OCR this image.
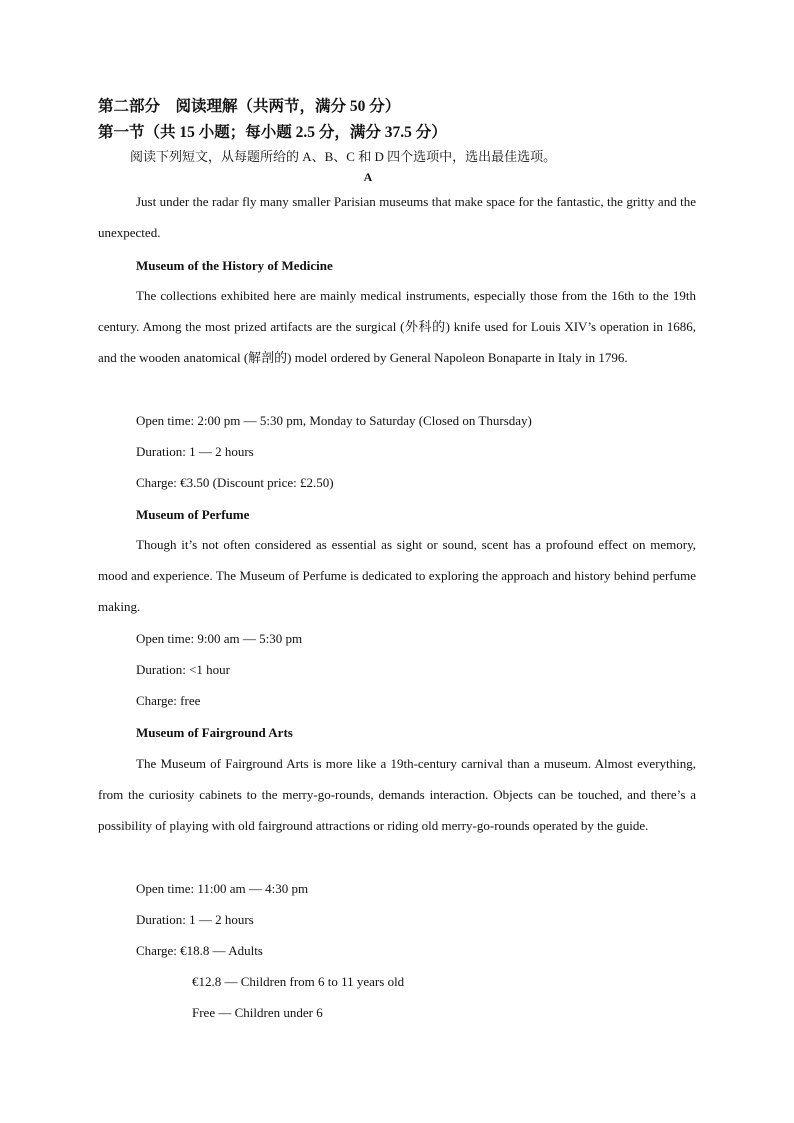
第二部分　阅读理解（共两节，满分 50 分）
第一节（共 15 小题；每小题 2.5 分，满分 37.5 分）
阅读下列短文，从每题所给的 A、B、C 和 D 四个选项中，选出最佳选项。
A

Just under the radar fly many smaller Parisian museums that make space for the fantastic, the gritty and the unexpected.

Museum of the History of Medicine

The collections exhibited here are mainly medical instruments, especially those from the 16th to the 19th century. Among the most prized artifacts are the surgical (外科的) knife used for Louis XIV’s operation in 1686, and the wooden anatomical (解剖的) model ordered by General Napoleon Bonaparte in Italy in 1796.

Open time: 2:00 pm — 5:30 pm, Monday to Saturday (Closed on Thursday)
Duration: 1 — 2 hours
Charge: €3.50 (Discount price: £2.50)
Museum of Perfume

Though it’s not often considered as essential as sight or sound, scent has a profound effect on memory, mood and experience. The Museum of Perfume is dedicated to exploring the approach and history behind perfume making.

Open time: 9:00 am — 5:30 pm
Duration: <1 hour
Charge: free
Museum of Fairground Arts

The Museum of Fairground Arts is more like a 19th-century carnival than a museum. Almost everything, from the curiosity cabinets to the merry-go-rounds, demands interaction. Objects can be touched, and there’s a possibility of playing with old fairground attractions or riding old merry-go-rounds operated by the guide.

Open time: 11:00 am — 4:30 pm
Duration: 1 — 2 hours
Charge: €18.8 — Adults
€12.8 — Children from 6 to 11 years old
Free — Children under 6
